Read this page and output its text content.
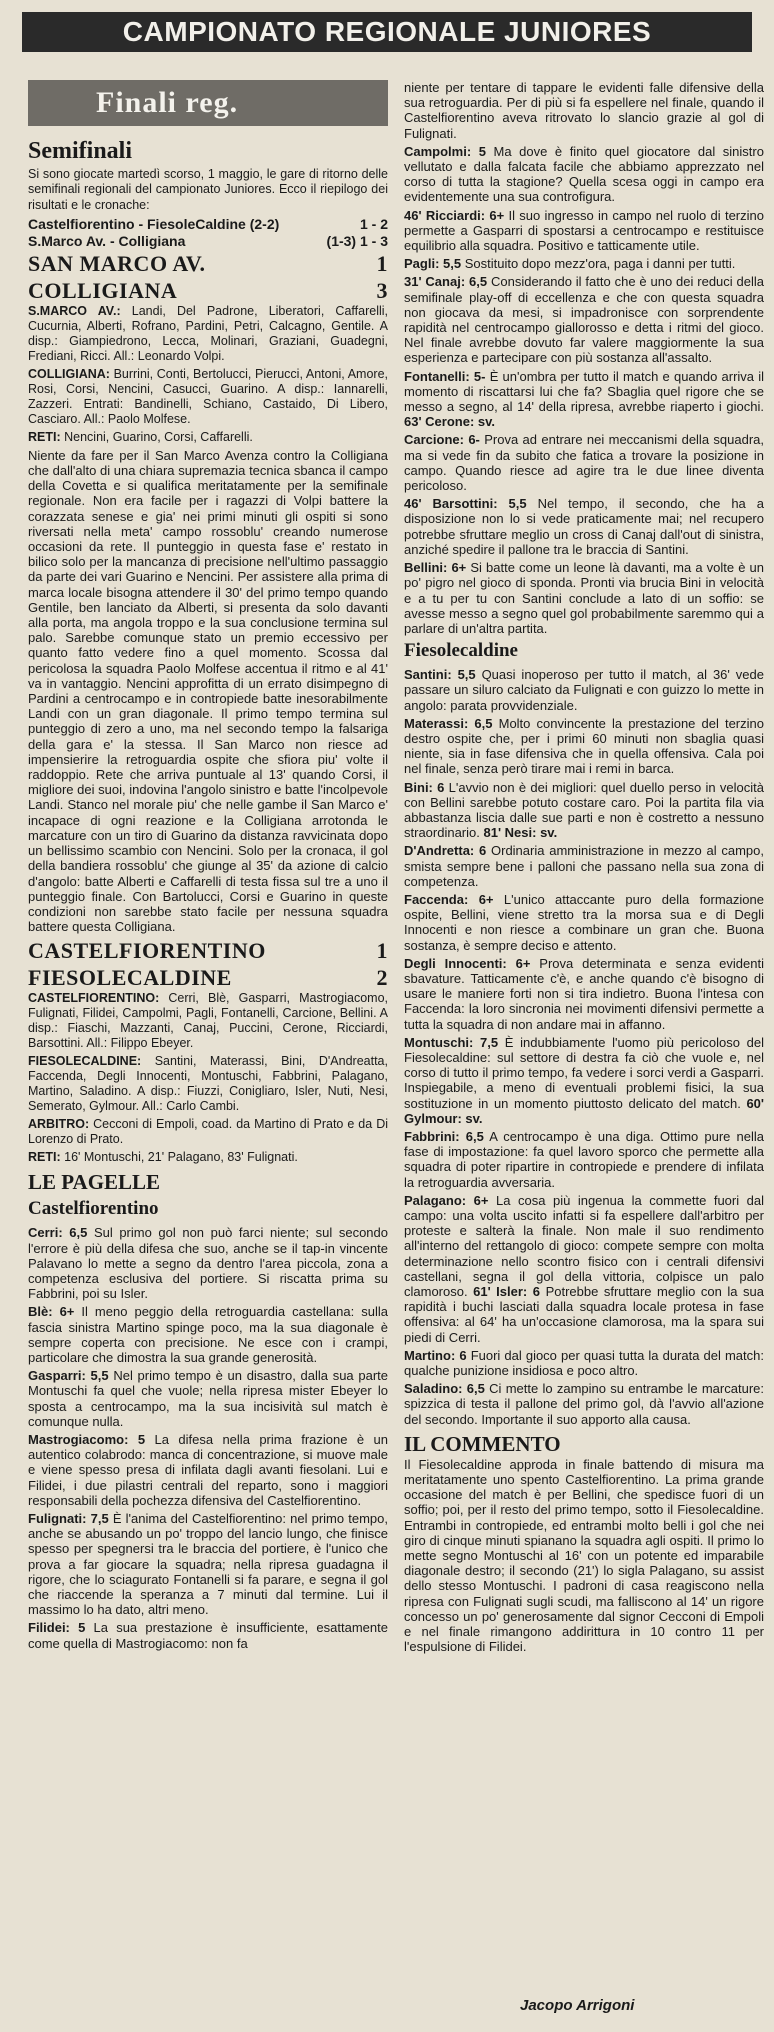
CAMPIONATO REGIONALE JUNIORES
Finali reg.
Semifinali

Si sono giocate martedì scorso, 1 maggio, le gare di ritorno delle semifinali regionali del campionato Juniores. Ecco il riepilogo dei risultati e le cronache:

Castelfiorentino - FiesoleCaldine (2-2)	1 - 2
S.Marco Av. - Colligiana	(1-3) 1 - 3
SAN MARCO AV.	1
COLLIGIANA	3

S.MARCO AV.: Landi, Del Padrone, Liberatori, Caffarelli, Cucurnia, Alberti, Rofrano, Pardini, Petri, Calcagno, Gentile. A disp.: Giampiedrono, Lecca, Molinari, Graziani, Guadegni, Frediani, Ricci. All.: Leonardo Volpi.

COLLIGIANA: Burrini, Conti, Bertolucci, Pierucci, Antoni, Amore, Rosi, Corsi, Nencini, Casucci, Guarino. A disp.: Iannarelli, Zazzeri. Entrati: Bandinelli, Schiano, Castaido, Di Libero, Casciaro. All.: Paolo Molfese.

RETI: Nencini, Guarino, Corsi, Caffarelli.

Niente da fare per il San Marco Avenza contro la Colligiana che dall'alto di una chiara supremazia tecnica sbanca il campo della Covetta e si qualifica meritatamente per la semifinale regionale. Non era facile per i ragazzi di Volpi battere la corazzata senese e gia' nei primi minuti gli ospiti si sono riversati nella meta' campo rossoblu' creando numerose occasioni da rete. Il punteggio in questa fase e' restato in bilico solo per la mancanza di precisione nell'ultimo passaggio da parte dei vari Guarino e Nencini. Per assistere alla prima di marca locale bisogna attendere il 30' del primo tempo quando Gentile, ben lanciato da Alberti, si presenta da solo davanti alla porta, ma angola troppo e la sua conclusione termina sul palo. Sarebbe comunque stato un premio eccessivo per quanto fatto vedere fino a quel momento. Scossa dal pericolosa la squadra Paolo Molfese accentua il ritmo e al 41' va in vantaggio. Nencini approfitta di un errato disimpegno di Pardini a centrocampo e in contropiede batte inesorabilmente Landi con un gran diagonale. Il primo tempo termina sul punteggio di zero a uno, ma nel secondo tempo la falsariga della gara e' la stessa. Il San Marco non riesce ad impensierire la retroguardia ospite che sfiora piu' volte il raddoppio. Rete che arriva puntuale al 13' quando Corsi, il migliore dei suoi, indovina l'angolo sinistro e batte l'incolpevole Landi. Stanco nel morale piu' che nelle gambe il San Marco e' incapace di ogni reazione e la Colligiana arrotonda le marcature con un tiro di Guarino da distanza ravvicinata dopo un bellissimo scambio con Nencini. Solo per la cronaca, il gol della bandiera rossoblu' che giunge al 35' da azione di calcio d'angolo: batte Alberti e Caffarelli di testa fissa sul tre a uno il punteggio finale. Con Bartolucci, Corsi e Guarino in queste condizioni non sarebbe stato facile per nessuna squadra battere questa Colligiana.

CASTELFIORENTINO	1
FIESOLECALDINE	2

CASTELFIORENTINO: Cerri, Blè, Gasparri, Mastrogiacomo, Fulignati, Filidei, Campolmi, Pagli, Fontanelli, Carcione, Bellini. A disp.: Fiaschi, Mazzanti, Canaj, Puccini, Cerone, Ricciardi, Barsottini. All.: Filippo Ebeyer.

FIESOLECALDINE: Santini, Materassi, Bini, D'Andreatta, Faccenda, Degli Innocenti, Montuschi, Fabbrini, Palagano, Martino, Saladino. A disp.: Fiuzzi, Conigliaro, Isler, Nuti, Nesi, Semerato, Gylmour. All.: Carlo Cambi.

ARBITRO: Cecconi di Empoli, coad. da Martino di Prato e da Di Lorenzo di Prato.

RETI: 16' Montuschi, 21' Palagano, 83' Fulignati.

LE PAGELLE
Castelfiorentino

Cerri: 6,5 Sul primo gol non può farci niente; sul secondo l'errore è più della difesa che suo, anche se il tap-in vincente Palavano lo mette a segno da dentro l'area piccola, zona a competenza esclusiva del portiere. Si riscatta prima su Fabbrini, poi su Isler.

Blè: 6+ Il meno peggio della retroguardia castellana: sulla fascia sinistra Martino spinge poco, ma la sua diagonale è sempre coperta con precisione. Ne esce con i crampi, particolare che dimostra la sua grande generosità.

Gasparri: 5,5 Nel primo tempo è un disastro, dalla sua parte Montuschi fa quel che vuole; nella ripresa mister Ebeyer lo sposta a centrocampo, ma la sua incisività sul match è comunque nulla.

Mastrogiacomo: 5 La difesa nella prima frazione è un autentico colabrodo: manca di concentrazione, si muove male e viene spesso presa di infilata dagli avanti fiesolani. Lui e Filidei, i due pilastri centrali del reparto, sono i maggiori responsabili della pochezza difensiva del Castelfiorentino.

Fulignati: 7,5 È l'anima del Castelfiorentino: nel primo tempo, anche se abusando un po' troppo del lancio lungo, che finisce spesso per spegnersi tra le braccia del portiere, è l'unico che prova a far giocare la squadra; nella ripresa guadagna il rigore, che lo sciagurato Fontanelli si fa parare, e segna il gol che riaccende la speranza a 7 minuti dal termine. Lui il massimo lo ha dato, altri meno.

Filidei: 5 La sua prestazione è insufficiente, esattamente come quella di Mastrogiacomo: non fa

niente per tentare di tappare le evidenti falle difensive della sua retroguardia. Per di più si fa espellere nel finale, quando il Castelfiorentino aveva ritrovato lo slancio grazie al gol di Fulignati.

Campolmi: 5 Ma dove è finito quel giocatore dal sinistro vellutato e dalla falcata facile che abbiamo apprezzato nel corso di tutta la stagione? Quella scesa oggi in campo era evidentemente una sua controfigura.

46' Ricciardi: 6+ Il suo ingresso in campo nel ruolo di terzino permette a Gasparri di spostarsi a centrocampo e restituisce equilibrio alla squadra. Positivo e tatticamente utile.

Pagli: 5,5 Sostituito dopo mezz'ora, paga i danni per tutti.

31' Canaj: 6,5 Considerando il fatto che è uno dei reduci della semifinale play-off di eccellenza e che con questa squadra non giocava da mesi, si impadronisce con sorprendente rapidità nel centrocampo giallorosso e detta i ritmi del gioco. Nel finale avrebbe dovuto far valere maggiormente la sua esperienza e partecipare con più sostanza all'assalto.

Fontanelli: 5- È un'ombra per tutto il match e quando arriva il momento di riscattarsi lui che fa? Sbaglia quel rigore che se messo a segno, al 14' della ripresa, avrebbe riaperto i giochi. 63' Cerone: sv.

Carcione: 6- Prova ad entrare nei meccanismi della squadra, ma si vede fin da subito che fatica a trovare la posizione in campo. Quando riesce ad agire tra le due linee diventa pericoloso.

46' Barsottini: 5,5 Nel tempo, il secondo, che ha a disposizione non lo si vede praticamente mai; nel recupero potrebbe sfruttare meglio un cross di Canaj dall'out di sinistra, anziché spedire il pallone tra le braccia di Santini.

Bellini: 6+ Si batte come un leone là davanti, ma a volte è un po' pigro nel gioco di sponda. Pronti via brucia Bini in velocità e a tu per tu con Santini conclude a lato di un soffio: se avesse messo a segno quel gol probabilmente saremmo qui a parlare di un'altra partita.

Fiesolecaldine

Santini: 5,5 Quasi inoperoso per tutto il match, al 36' vede passare un siluro calciato da Fulignati e con guizzo lo mette in angolo: parata provvidenziale.

Materassi: 6,5 Molto convincente la prestazione del terzino destro ospite che, per i primi 60 minuti non sbaglia quasi niente, sia in fase difensiva che in quella offensiva. Cala poi nel finale, senza però tirare mai i remi in barca.

Bini: 6 L'avvio non è dei migliori: quel duello perso in velocità con Bellini sarebbe potuto costare caro. Poi la partita fila via abbastanza liscia dalle sue parti e non è costretto a nessuno straordinario. 81' Nesi: sv.

D'Andretta: 6 Ordinaria amministrazione in mezzo al campo, smista sempre bene i palloni che passano nella sua zona di competenza.

Faccenda: 6+ L'unico attaccante puro della formazione ospite, Bellini, viene stretto tra la morsa sua e di Degli Innocenti e non riesce a combinare un gran che. Buona sostanza, è sempre deciso e attento.

Degli Innocenti: 6+ Prova determinata e senza evidenti sbavature. Tatticamente c'è, e anche quando c'è bisogno di usare le maniere forti non si tira indietro. Buona l'intesa con Faccenda: la loro sincronia nei movimenti difensivi permette a tutta la squadra di non andare mai in affanno.

Montuschi: 7,5 È indubbiamente l'uomo più pericoloso del Fiesolecaldine: sul settore di destra fa ciò che vuole e, nel corso di tutto il primo tempo, fa vedere i sorci verdi a Gasparri. Inspiegabile, a meno di eventuali problemi fisici, la sua sostituzione in un momento piuttosto delicato del match. 60' Gylmour: sv.

Fabbrini: 6,5 A centrocampo è una diga. Ottimo pure nella fase di impostazione: fa quel lavoro sporco che permette alla squadra di poter ripartire in contropiede e prendere di infilata la retroguardia avversaria.

Palagano: 6+ La cosa più ingenua la commette fuori dal campo: una volta uscito infatti si fa espellere dall'arbitro per proteste e salterà la finale. Non male il suo rendimento all'interno del rettangolo di gioco: compete sempre con molta determinazione nello scontro fisico con i centrali difensivi castellani, segna il gol della vittoria, colpisce un palo clamoroso. 61' Isler: 6 Potrebbe sfruttare meglio con la sua rapidità i buchi lasciati dalla squadra locale protesa in fase offensiva: al 64' ha un'occasione clamorosa, ma la spara sui piedi di Cerri.

Martino: 6 Fuori dal gioco per quasi tutta la durata del match: qualche punizione insidiosa e poco altro.

Saladino: 6,5 Ci mette lo zampino su entrambe le marcature: spizzica di testa il pallone del primo gol, dà l'avvio all'azione del secondo. Importante il suo apporto alla causa.

IL COMMENTO

Il Fiesolecaldine approda in finale battendo di misura ma meritatamente uno spento Castelfiorentino. La prima grande occasione del match è per Bellini, che spedisce fuori di un soffio; poi, per il resto del primo tempo, sotto il Fiesolecaldine. Entrambi in contropiede, ed entrambi molto belli i gol che nei giro di cinque minuti spianano la squadra agli ospiti. Il primo lo mette segno Montuschi al 16' con un potente ed imparabile diagonale destro; il secondo (21') lo sigla Palagano, su assist dello stesso Montuschi. I padroni di casa reagiscono nella ripresa con Fulignati sugli scudi, ma falliscono al 14' un rigore concesso un po' generosamente dal signor Cecconi di Empoli e nel finale rimangono addirittura in 10 contro 11 per l'espulsione di Filidei.

Jacopo Arrigoni
